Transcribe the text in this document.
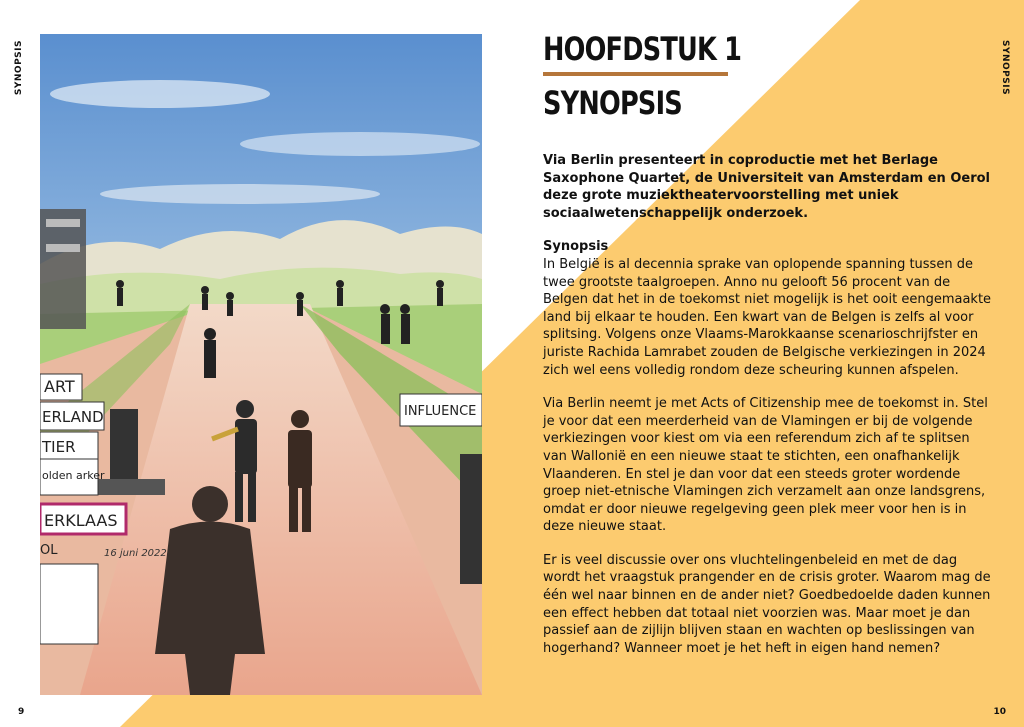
SYNOPSIS	SYNOPSIS
ART
ERLAND
TIER
olden arker
ERKLAAS
OL
INFLUENCE
16 juni 2022
HOOFDSTUK 1
SYNOPSIS

Via Berlin presenteert in coproductie met het Berlage Saxophone Quartet, de Universiteit van Amsterdam en Oerol deze grote muziektheatervoorstelling met uniek sociaalwetenschappelijk onderzoek.

Synopsis

In België is al decennia sprake van oplopende spanning tussen de twee grootste taalgroepen. Anno nu gelooft 56 procent van de Belgen dat het in de toekomst niet mogelijk is het ooit eengemaakte land bij elkaar te houden. Een kwart van de Belgen is zelfs al voor splitsing. Volgens onze Vlaams-Marokkaanse scenarioschrijfster en juriste Rachida Lamrabet zouden de Belgische verkiezingen in 2024 zich wel eens volledig rondom deze scheuring kunnen afspelen.

Via Berlin neemt je met Acts of Citizenship mee de toekomst in. Stel je voor dat een meerderheid van de Vlamingen er bij de volgende verkiezingen voor kiest om via een referendum zich af te splitsen van Wallonië en een nieuwe staat te stichten, een onafhankelijk Vlaanderen. En stel je dan voor dat een steeds groter wordende groep niet-etnische Vlamingen zich verzamelt aan onze landsgrens, omdat er door nieuwe regelgeving geen plek meer voor hen is in deze nieuwe staat.

Er is veel discussie over ons vluchtelingenbeleid en met de dag wordt het vraagstuk prangender en de crisis groter. Waarom mag de één wel naar binnen en de ander niet? Goedbedoelde daden kunnen een effect hebben dat totaal niet voorzien was. Maar moet je dan passief aan de zijlijn blijven staan en wachten op beslissingen van hogerhand? Wanneer moet je het heft in eigen hand nemen?

9	10
